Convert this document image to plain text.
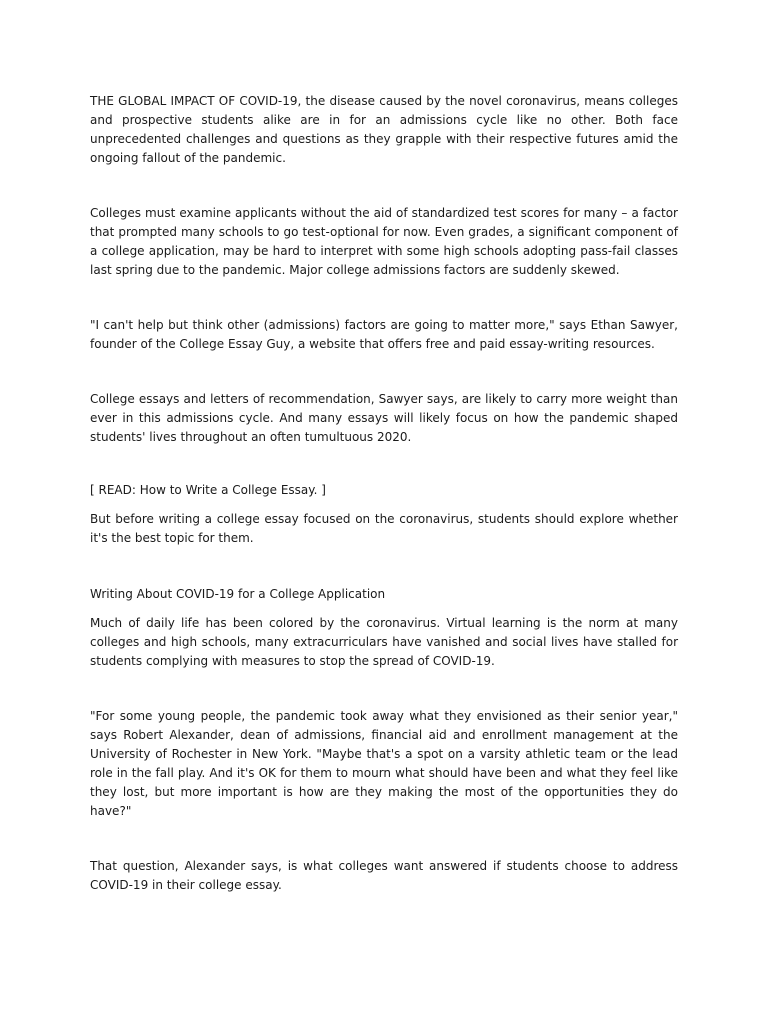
THE GLOBAL IMPACT OF COVID-19, the disease caused by the novel coronavirus, means colleges and prospective students alike are in for an admissions cycle like no other. Both face unprecedented challenges and questions as they grapple with their respective futures amid the ongoing fallout of the pandemic.

Colleges must examine applicants without the aid of standardized test scores for many – a factor that prompted many schools to go test-optional for now. Even grades, a significant component of a college application, may be hard to interpret with some high schools adopting pass-fail classes last spring due to the pandemic. Major college admissions factors are suddenly skewed.

"I can't help but think other (admissions) factors are going to matter more," says Ethan Sawyer, founder of the College Essay Guy, a website that offers free and paid essay-writing resources.

College essays and letters of recommendation, Sawyer says, are likely to carry more weight than ever in this admissions cycle. And many essays will likely focus on how the pandemic shaped students' lives throughout an often tumultuous 2020.

[ READ: How to Write a College Essay. ]

But before writing a college essay focused on the coronavirus, students should explore whether it's the best topic for them.

Writing About COVID-19 for a College Application

Much of daily life has been colored by the coronavirus. Virtual learning is the norm at many colleges and high schools, many extracurriculars have vanished and social lives have stalled for students complying with measures to stop the spread of COVID-19.

"For some young people, the pandemic took away what they envisioned as their senior year," says Robert Alexander, dean of admissions, financial aid and enrollment management at the University of Rochester in New York. "Maybe that's a spot on a varsity athletic team or the lead role in the fall play. And it's OK for them to mourn what should have been and what they feel like they lost, but more important is how are they making the most of the opportunities they do have?"

That question, Alexander says, is what colleges want answered if students choose to address COVID-19 in their college essay.
